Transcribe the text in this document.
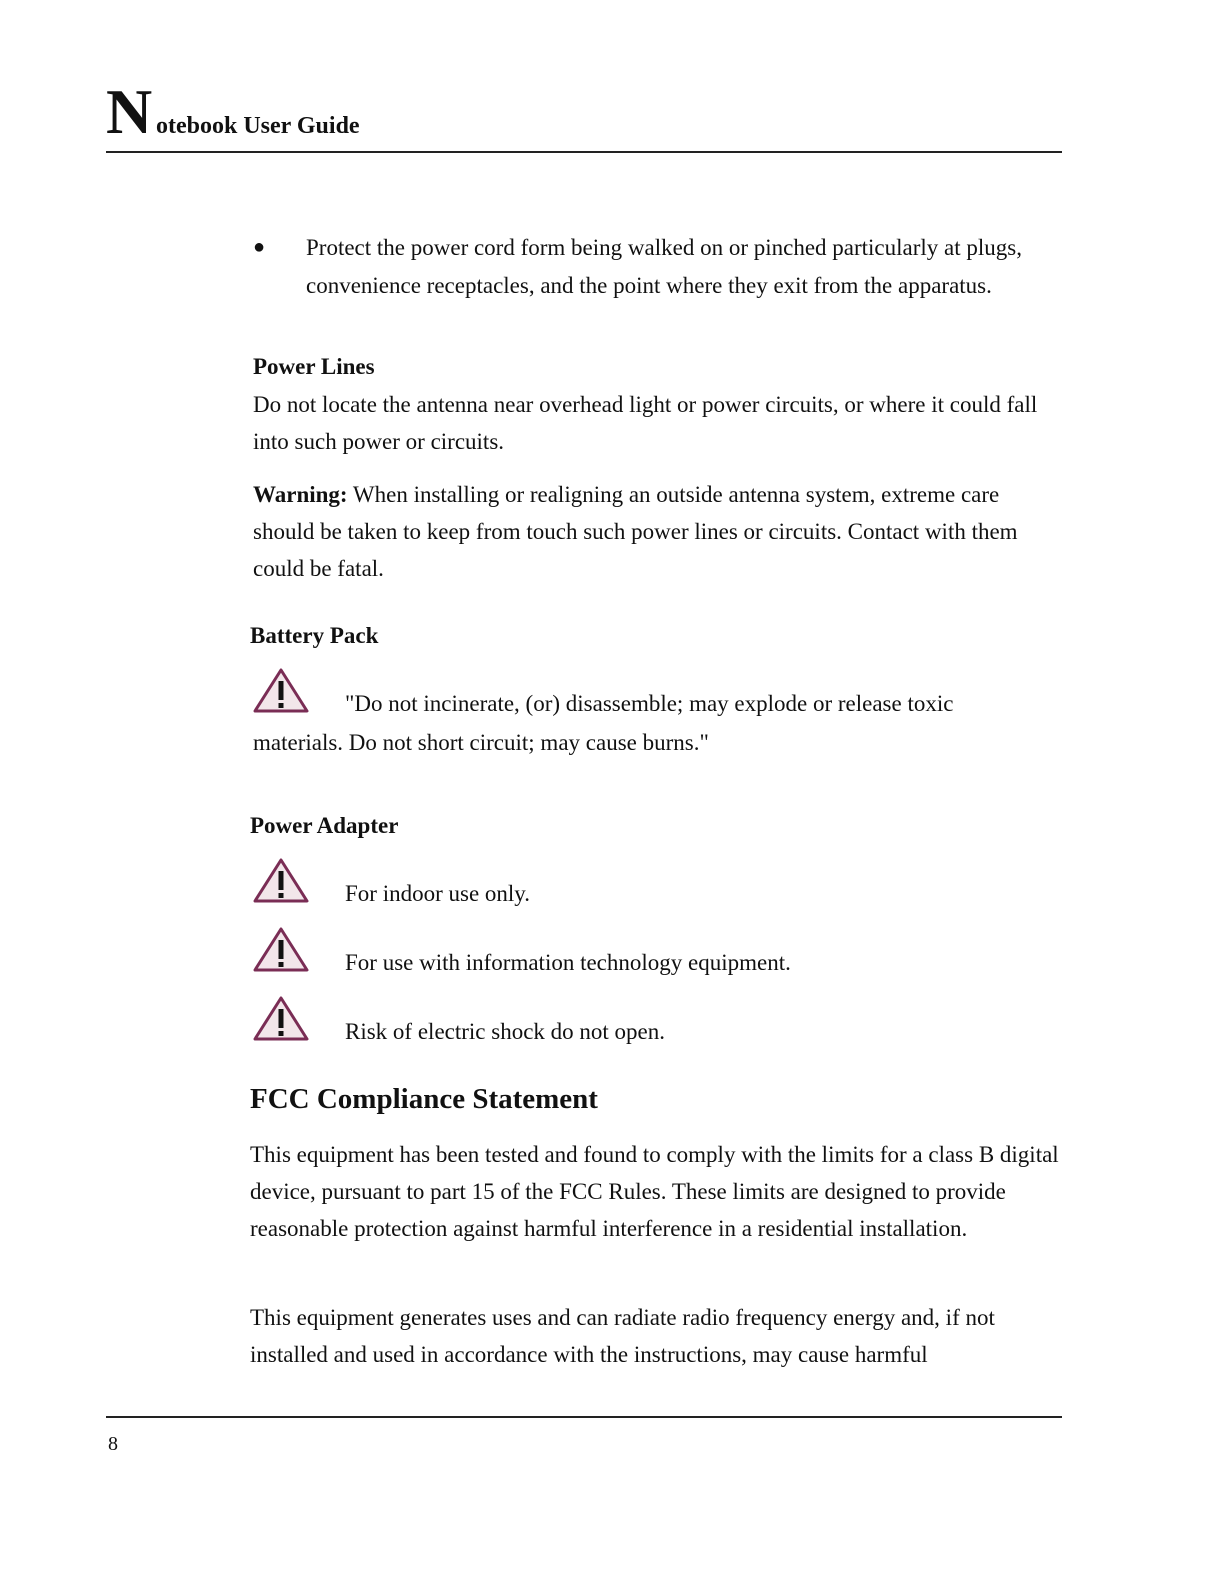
N otebook User Guide
● Protect the power cord form being walked on or pinched particularly at plugs, convenience receptacles, and the point where they exit from the apparatus.

Power Lines

Do not locate the antenna near overhead light or power circuits, or where it could fall into such power or circuits.

Warning: When installing or realigning an outside antenna system, extreme care should be taken to keep from touch such power lines or circuits. Contact with them could be fatal.

Battery Pack

"Do not incinerate, (or) disassemble; may explode or release toxic

materials. Do not short circuit; may cause burns."

Power Adapter

For indoor use only.
For use with information technology equipment.
Risk of electric shock do not open.

FCC Compliance Statement

This equipment has been tested and found to comply with the limits for a class B digital device, pursuant to part 15 of the FCC Rules. These limits are designed to provide reasonable protection against harmful interference in a residential installation.

This equipment generates uses and can radiate radio frequency energy and, if not installed and used in accordance with the instructions, may cause harmful

8
